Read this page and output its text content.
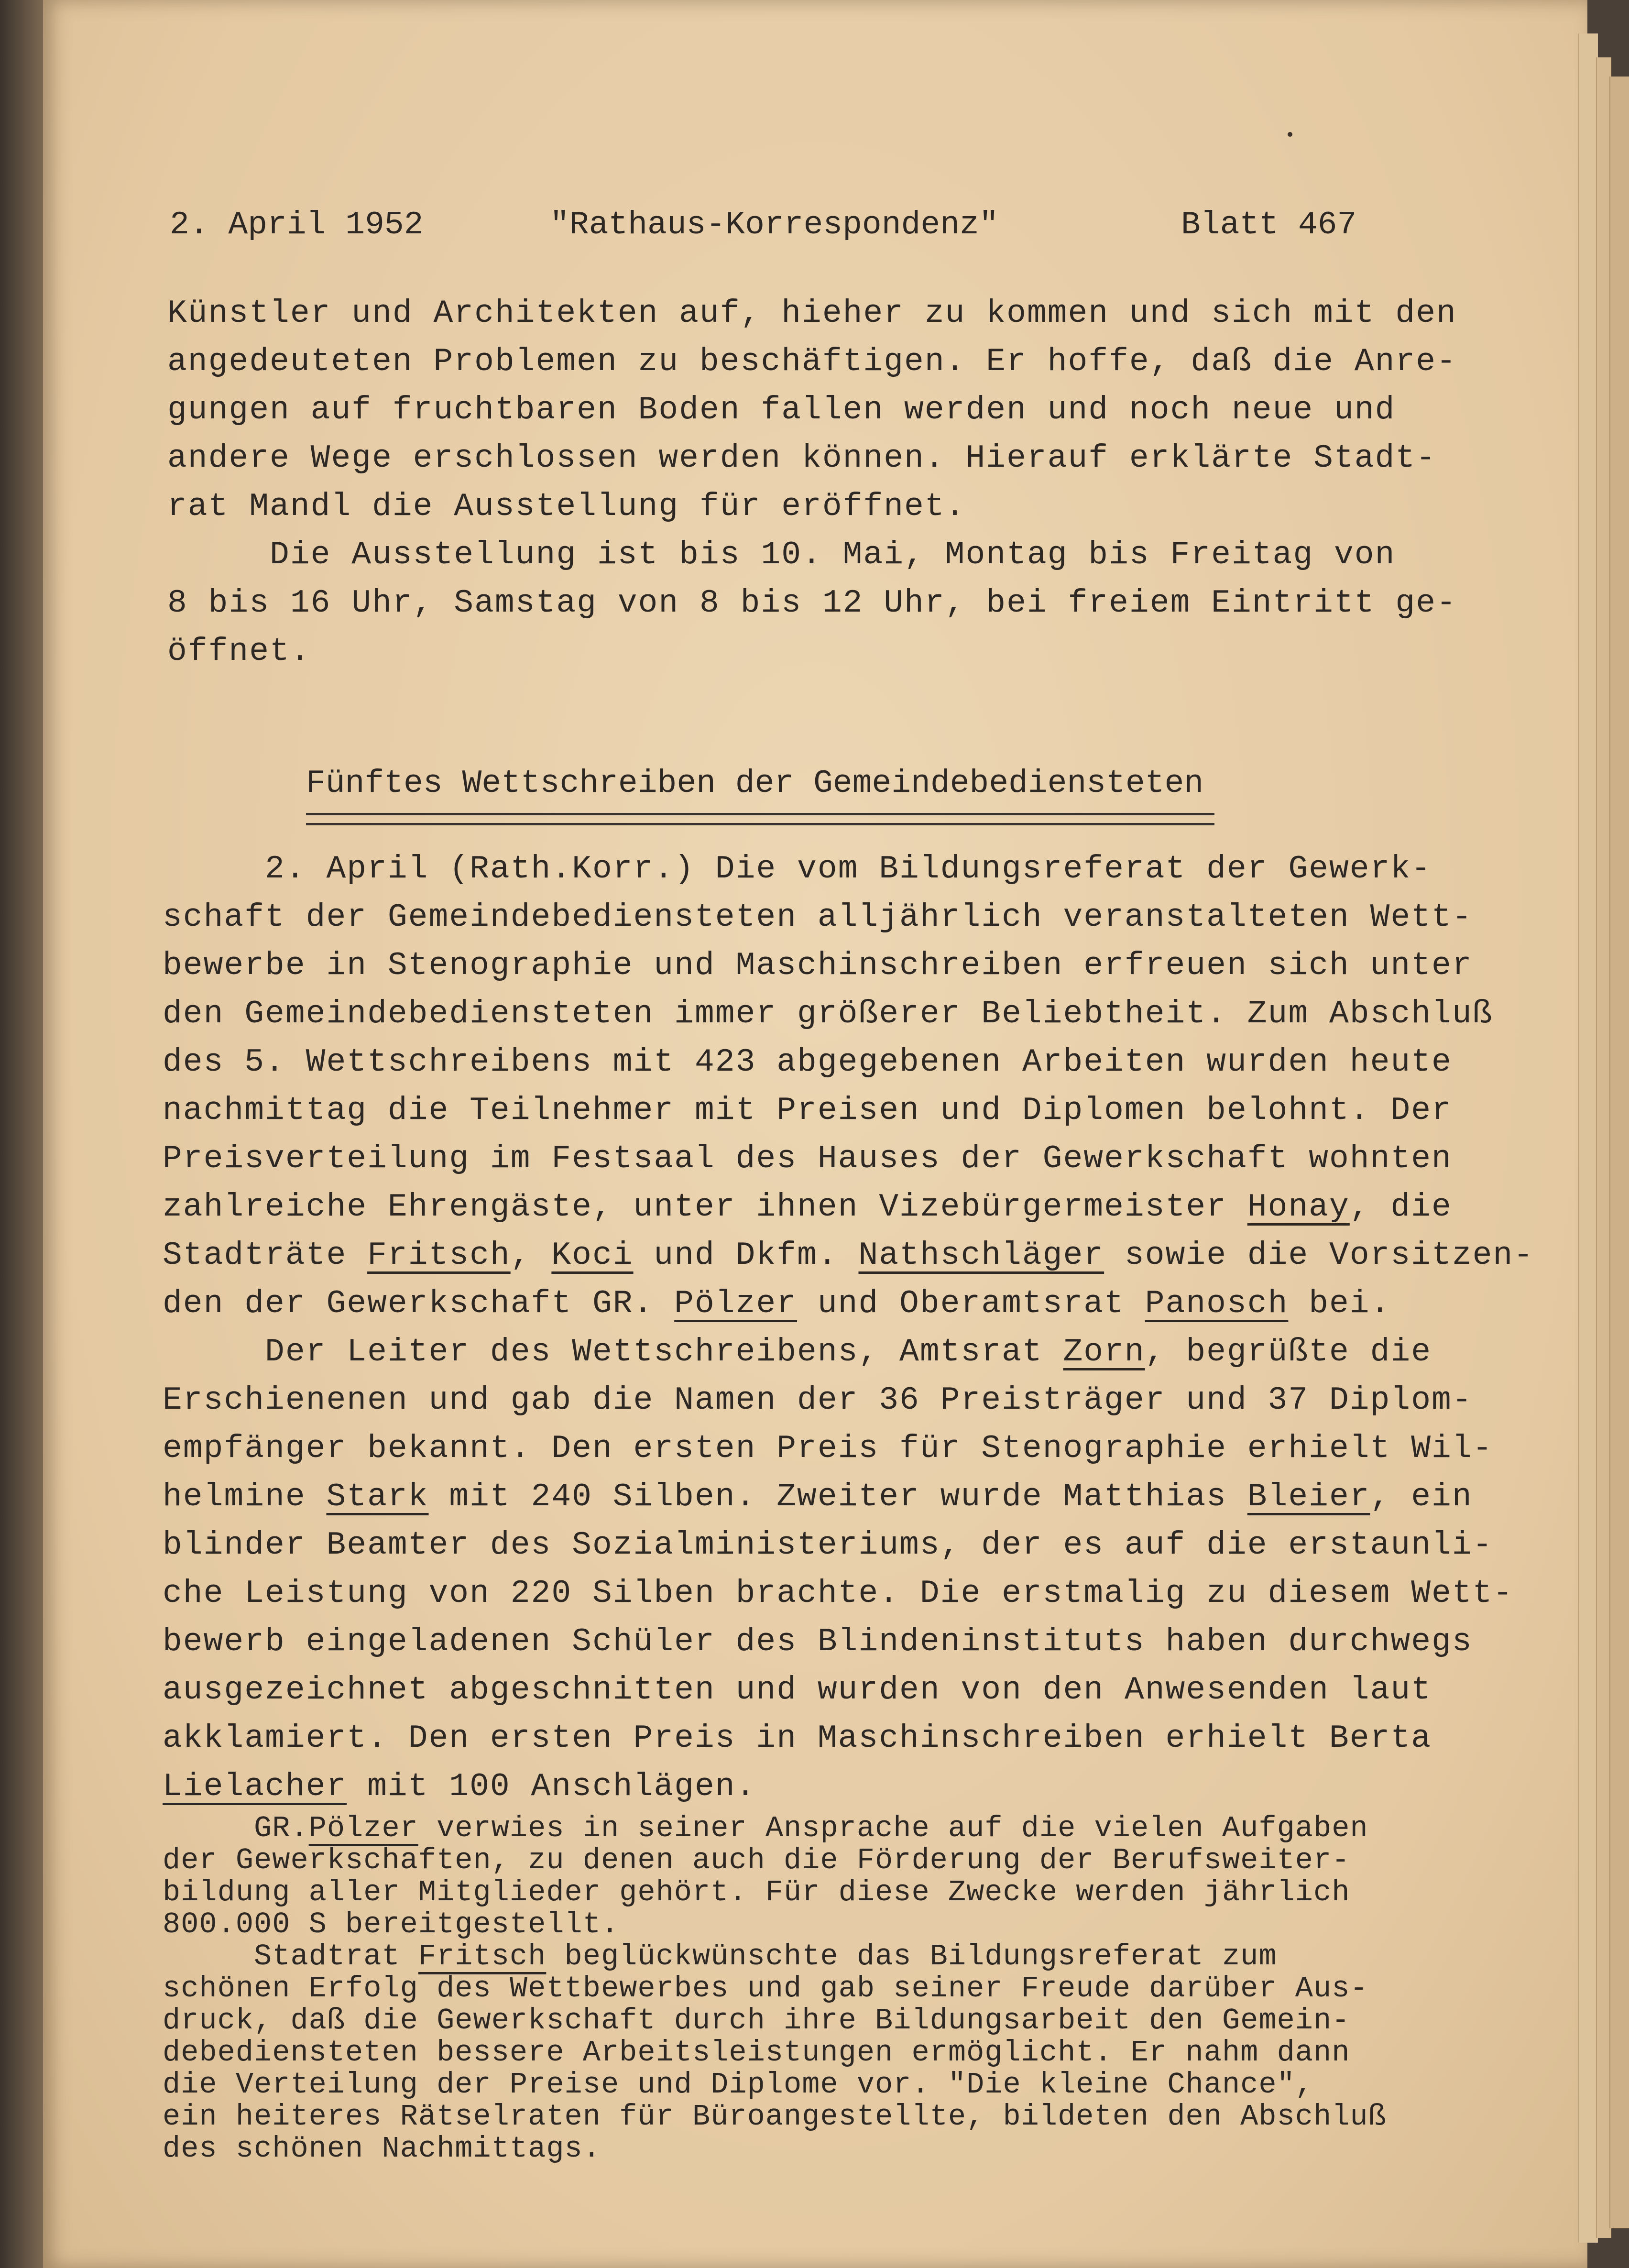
2. April 1952	"Rathaus-Korrespondenz"	Blatt 467
Künstler und Architekten auf, hieher zu kommen und sich mit den
angedeuteten Problemen zu beschäftigen. Er hoffe, daß die Anre-
gungen auf fruchtbaren Boden fallen werden und noch neue und
andere Wege erschlossen werden können. Hierauf erklärte Stadt-
rat Mandl die Ausstellung für eröffnet.
Die Ausstellung ist bis 10. Mai, Montag bis Freitag von
8 bis 16 Uhr, Samstag von 8 bis 12 Uhr, bei freiem Eintritt ge-
öffnet.
Fünftes Wettschreiben der Gemeindebediensteten
2. April (Rath.Korr.) Die vom Bildungsreferat der Gewerk-
schaft der Gemeindebediensteten alljährlich veranstalteten Wett-
bewerbe in Stenographie und Maschinschreiben erfreuen sich unter
den Gemeindebediensteten immer größerer Beliebtheit. Zum Abschluß
des 5. Wettschreibens mit 423 abgegebenen Arbeiten wurden heute
nachmittag die Teilnehmer mit Preisen und Diplomen belohnt. Der
Preisverteilung im Festsaal des Hauses der Gewerkschaft wohnten
zahlreiche Ehrengäste, unter ihnen Vizebürgermeister Honay, die
Stadträte Fritsch, Koci und Dkfm. Nathschläger sowie die Vorsitzen-
den der Gewerkschaft GR. Pölzer und Oberamtsrat Panosch bei.
Der Leiter des Wettschreibens, Amtsrat Zorn, begrüßte die
Erschienenen und gab die Namen der 36 Preisträger und 37 Diplom-
empfänger bekannt. Den ersten Preis für Stenographie erhielt Wil-
helmine Stark mit 240 Silben. Zweiter wurde Matthias Bleier, ein
blinder Beamter des Sozialministeriums, der es auf die erstaunli-
che Leistung von 220 Silben brachte. Die erstmalig zu diesem Wett-
bewerb eingeladenen Schüler des Blindeninstituts haben durchwegs
ausgezeichnet abgeschnitten und wurden von den Anwesenden laut
akklamiert. Den ersten Preis in Maschinschreiben erhielt Berta
Lielacher mit 100 Anschlägen.
GR.Pölzer verwies in seiner Ansprache auf die vielen Aufgaben
der Gewerkschaften, zu denen auch die Förderung der Berufsweiter-
bildung aller Mitglieder gehört. Für diese Zwecke werden jährlich
800.000 S bereitgestellt.
Stadtrat Fritsch beglückwünschte das Bildungsreferat zum
schönen Erfolg des Wettbewerbes und gab seiner Freude darüber Aus-
druck, daß die Gewerkschaft durch ihre Bildungsarbeit den Gemein-
debediensteten bessere Arbeitsleistungen ermöglicht. Er nahm dann
die Verteilung der Preise und Diplome vor. "Die kleine Chance",
ein heiteres Rätselraten für Büroangestellte, bildeten den Abschluß
des schönen Nachmittags.
